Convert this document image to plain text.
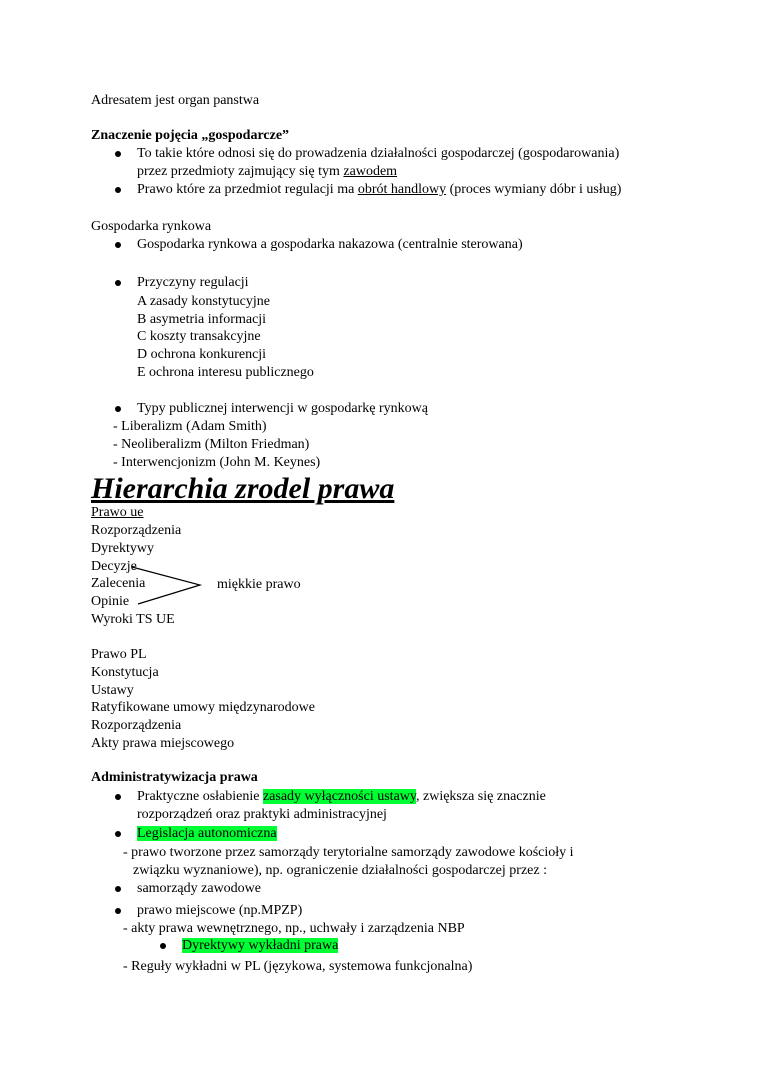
Adresatem jest organ panstwa
Znaczenie pojęcia „gospodarcze”
To takie które odnosi się do prowadzenia działalności gospodarczej (gospodarowania)
przez przedmioty zajmujący się tym zawodem
Prawo które za przedmiot regulacji ma obrót handlowy (proces wymiany dóbr i usług)
Gospodarka rynkowa
Gospodarka rynkowa a gospodarka nakazowa (centralnie sterowana)
Przyczyny regulacji
A zasady konstytucyjne
B asymetria informacji
C koszty transakcyjne
D ochrona konkurencji
E ochrona interesu publicznego
Typy publicznej interwencji w gospodarkę rynkową
- Liberalizm (Adam Smith)
- Neoliberalizm (Milton Friedman)
- Interwencjonizm (John M. Keynes)
Hierarchia zrodel prawa
Prawo ue
Rozporządzenia
Dyrektywy
Decyzje
Zalecenia
Opinie
Wyroki TS UE
miękkie prawo
Prawo PL
Konstytucja
Ustawy
Ratyfikowane umowy międzynarodowe
Rozporządzenia
Akty prawa miejscowego
Administratywizacja prawa
Praktyczne osłabienie zasady wyłączności ustawy, zwiększa się znacznie
rozporządzeń oraz praktyki administracyjnej
Legislacja autonomiczna
- prawo tworzone przez samorządy terytorialne samorządy zawodowe kościoły i
związku wyznaniowe), np. ograniczenie działalności gospodarczej przez :
samorządy zawodowe
prawo miejscowe (np.MPZP)
- akty prawa wewnętrznego, np., uchwały i zarządzenia NBP
Dyrektywy wykładni prawa
- Reguły wykładni w PL (językowa, systemowa funkcjonalna)
